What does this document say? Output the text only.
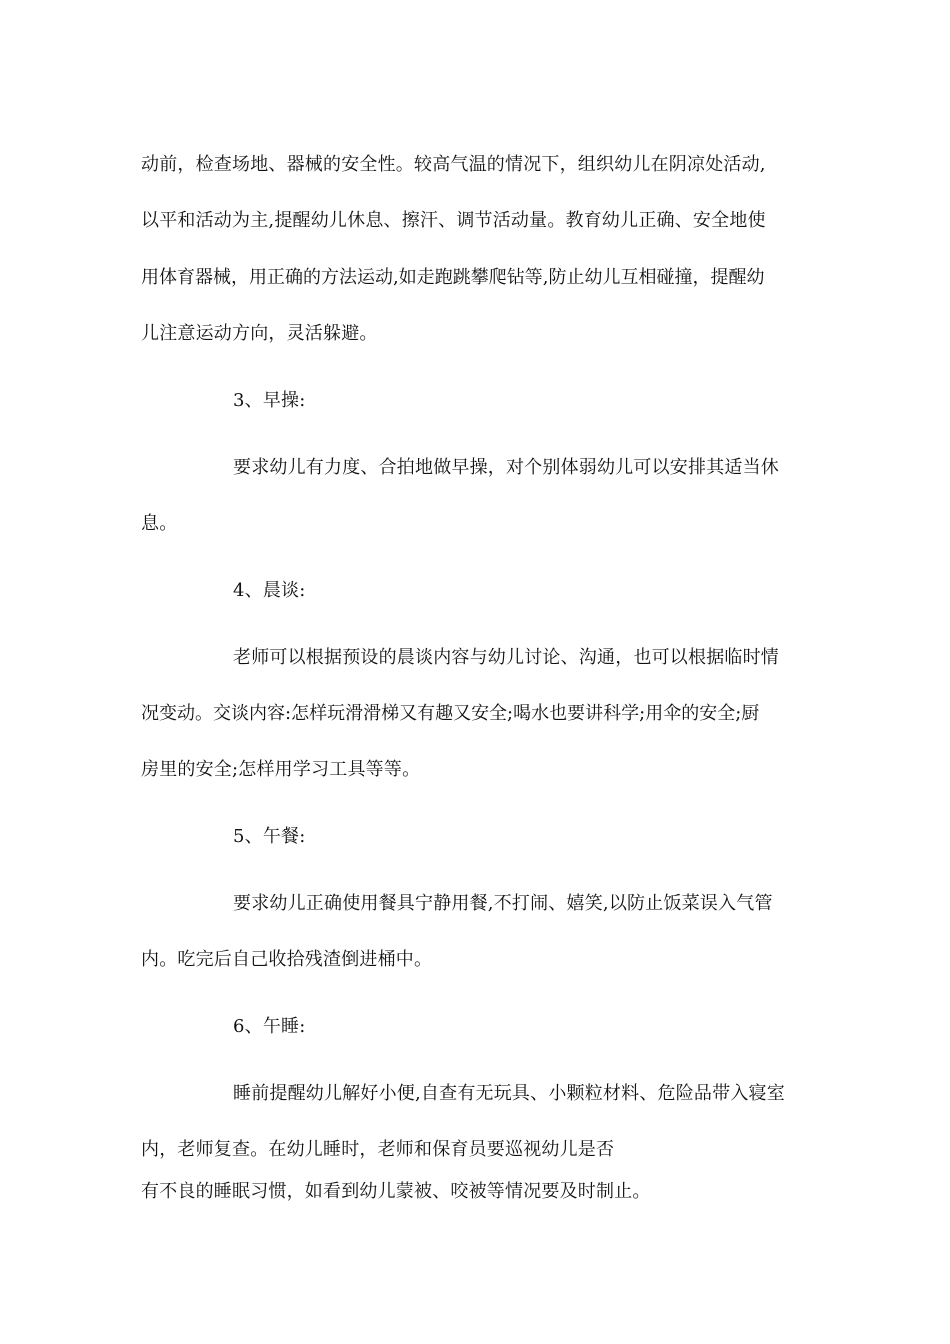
动前，检查场地、器械的安全性。较高气温的情况下，组织幼儿在阴凉处活动,
以平和活动为主,提醒幼儿休息、擦汗、调节活动量。教育幼儿正确、安全地使
用体育器械，用正确的方法运动,如走跑跳攀爬钻等,防止幼儿互相碰撞，提醒幼
儿注意运动方向，灵活躲避。
3、早操:
要求幼儿有力度、合拍地做早操，对个别体弱幼儿可以安排其适当休
息。
4、晨谈:
老师可以根据预设的晨谈内容与幼儿讨论、沟通，也可以根据临时情
况变动。交谈内容:怎样玩滑滑梯又有趣又安全;喝水也要讲科学;用伞的安全;厨
房里的安全;怎样用学习工具等等。
5、午餐:
要求幼儿正确使用餐具宁静用餐,不打闹、嬉笑,以防止饭菜误入气管
内。吃完后自己收拾残渣倒进桶中。
6、午睡:
睡前提醒幼儿解好小便,自查有无玩具、小颗粒材料、危险品带入寝室
内，老师复查。在幼儿睡时，老师和保育员要巡视幼儿是否
有不良的睡眠习惯，如看到幼儿蒙被、咬被等情况要及时制止。
